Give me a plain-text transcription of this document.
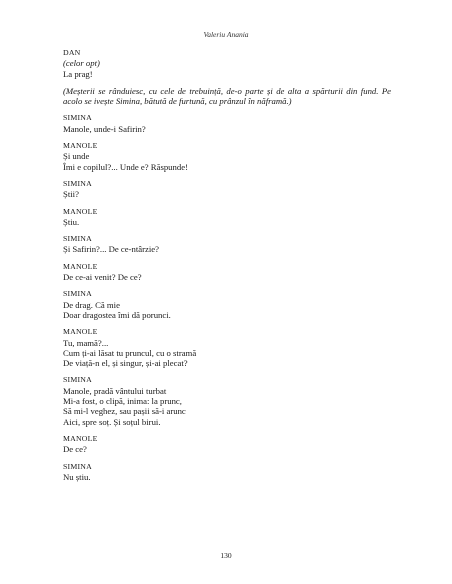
Valeriu Anania
DAN
(celor opt)
La prag!
(Meșterii se rânduiesc, cu cele de trebuință, de-o parte și de alta a spărturii din fund. Pe acolo se ivește Simina, bătută de furtună, cu prânzul în năframă.)
SIMINA
Manole, unde-i Safirin?
MANOLE
Și unde
Îmi e copilul?... Unde e? Răspunde!
SIMINA
Știi?
MANOLE
Știu.
SIMINA
Și Safirin?... De ce-ntârzie?
MANOLE
De ce-ai venit? De ce?
SIMINA
De drag. Că mie
Doar dragostea îmi dă porunci.
MANOLE
Tu, mamă?...
Cum ți-ai lăsat tu pruncul, cu o stramă
De viață-n el, și singur, și-ai plecat?
SIMINA
Manole, pradă vântului turbat
Mi-a fost, o clipă, inima: la prunc,
Să mi-l veghez, sau pașii să-i arunc
Aici, spre soț. Și soțul birui.
MANOLE
De ce?
SIMINA
Nu știu.
130
